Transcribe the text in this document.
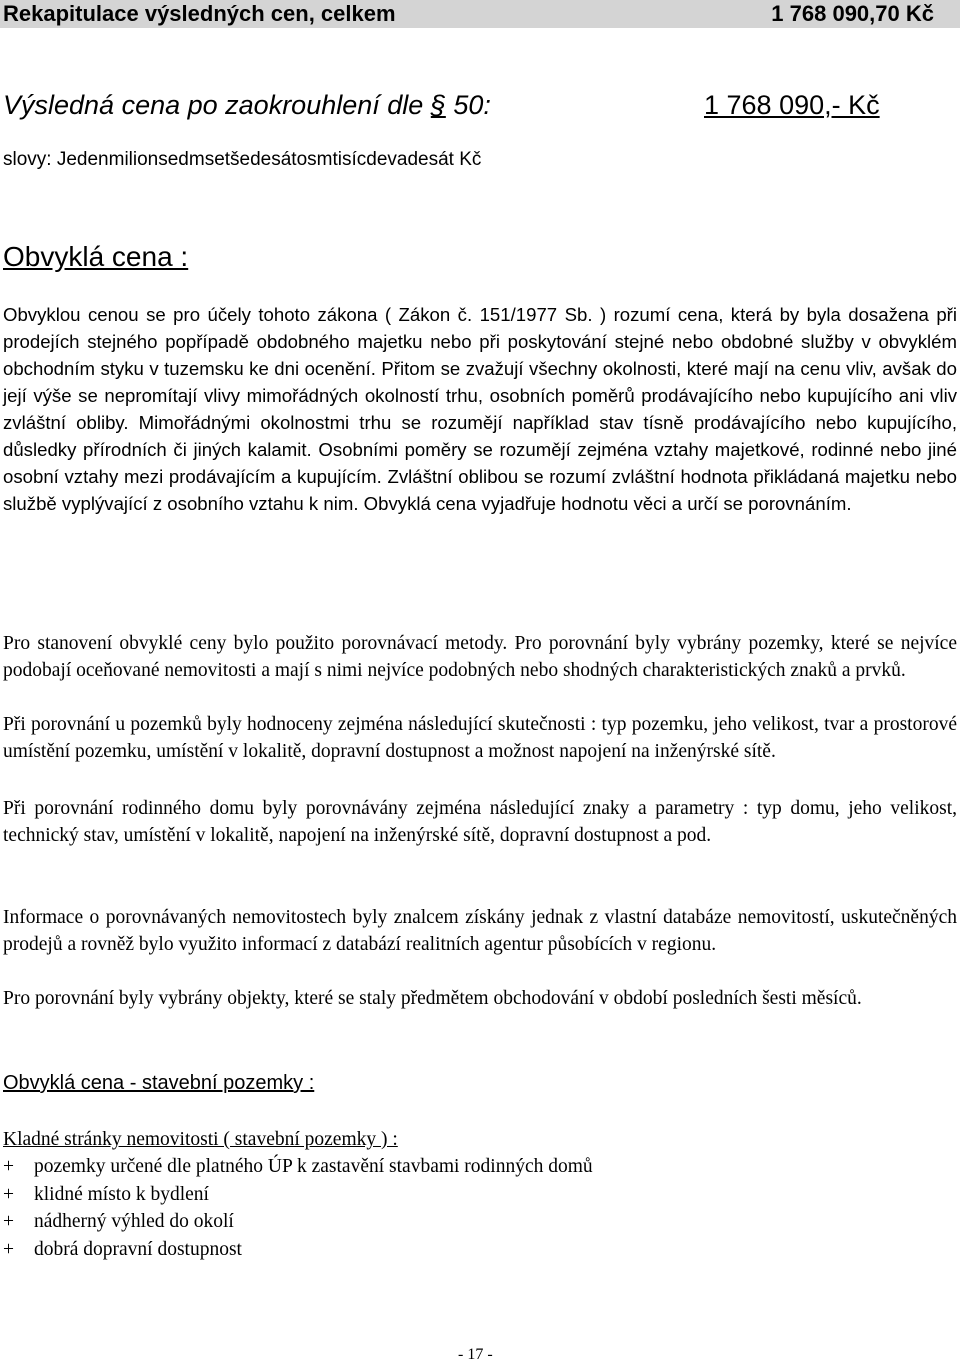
Rekapitulace výsledných cen, celkem	1 768 090,70 Kč
Výsledná cena po zaokrouhlení dle § 50:	1 768 090,- Kč
slovy: Jedenmilionsedmsetšedesátosmtisícdevadesát Kč
Obvyklá cena :

Obvyklou cenou se pro účely tohoto zákona ( Zákon č. 151/1977 Sb. ) rozumí cena, která by byla dosažena při prodejích stejného popřípadě obdobného majetku nebo při poskytování stejné nebo obdobné služby v obvyklém obchodním styku v tuzemsku ke dni ocenění. Přitom se zvažují všechny okolnosti, které mají na cenu vliv, avšak do její výše se nepromítají vlivy mimořádných okolností trhu, osobních poměrů prodávajícího nebo kupujícího ani vliv zvláštní obliby. Mimořádnými okolnostmi trhu se rozumějí například stav tísně prodávajícího nebo kupujícího, důsledky přírodních či jiných kalamit. Osobními poměry se rozumějí zejména vztahy majetkové, rodinné nebo jiné osobní vztahy mezi prodávajícím a kupujícím. Zvláštní oblibou se rozumí zvláštní hodnota přikládaná majetku nebo službě vyplývající z osobního vztahu k nim. Obvyklá cena vyjadřuje hodnotu věci a určí se porovnáním.

Pro stanovení obvyklé ceny bylo použito porovnávací metody. Pro porovnání byly vybrány pozemky, které se nejvíce podobají oceňované nemovitosti a mají s nimi nejvíce podobných nebo shodných charakteristických znaků a prvků.

Při porovnání u pozemků byly hodnoceny zejména následující skutečnosti : typ pozemku, jeho velikost, tvar a prostorové umístění pozemku, umístění v lokalitě, dopravní dostupnost a možnost napojení na inženýrské sítě.

Při porovnání rodinného domu byly porovnávány zejména následující znaky a parametry : typ domu, jeho velikost, technický stav, umístění v lokalitě, napojení na inženýrské sítě, dopravní dostupnost a pod.

Informace o porovnávaných nemovitostech byly znalcem získány jednak z vlastní databáze nemovitostí, uskutečněných prodejů a rovněž bylo využito informací z databází realitních agentur působících v regionu.

Pro porovnání byly vybrány objekty, které se staly předmětem obchodování v období posledních šesti měsíců.

Obvyklá cena - stavební pozemky :
Kladné stránky nemovitosti ( stavební pozemky ) :
+ pozemky určené dle platného ÚP k zastavění stavbami rodinných domů
+ klidné místo k bydlení
+ nádherný výhled do okolí
+ dobrá dopravní dostupnost
- 17 -
